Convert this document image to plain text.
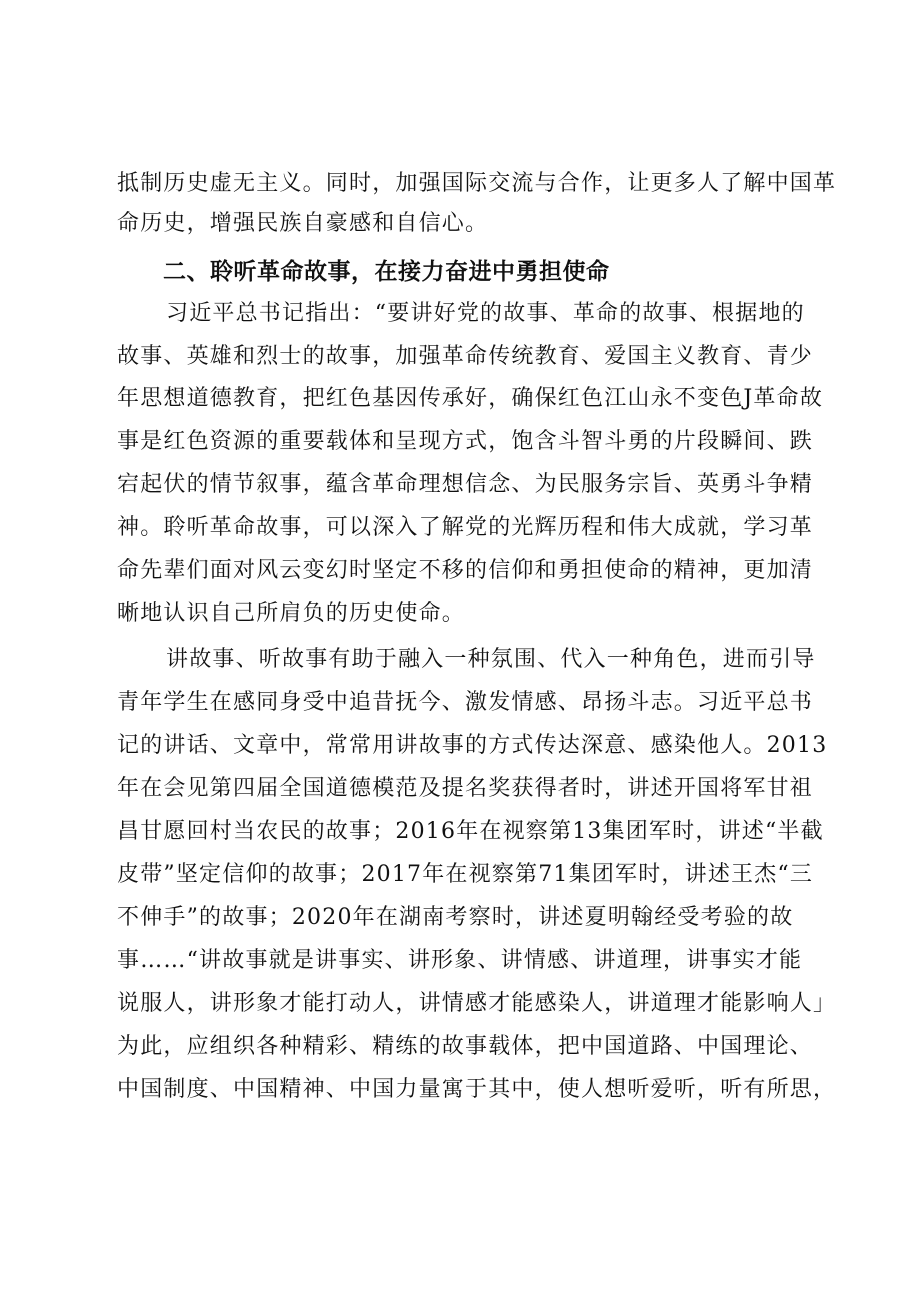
抵制历史虚无主义。同时，加强国际交流与合作，让更多人了解中国革
命历史，增强民族自豪感和自信心。
二、聆听革命故事，在接力奋进中勇担使命
习近平总书记指出：“要讲好党的故事、革命的故事、根据地的
故事、英雄和烈士的故事，加强革命传统教育、爱国主义教育、青少
年思想道德教育，把红色基因传承好，确保红色江山永不变色J革命故
事是红色资源的重要载体和呈现方式，饱含斗智斗勇的片段瞬间、跌
宕起伏的情节叙事，蕴含革命理想信念、为民服务宗旨、英勇斗争精
神。聆听革命故事，可以深入了解党的光辉历程和伟大成就，学习革
命先辈们面对风云变幻时坚定不移的信仰和勇担使命的精神，更加清
晰地认识自己所肩负的历史使命。
讲故事、听故事有助于融入一种氛围、代入一种角色，进而引导
青年学生在感同身受中追昔抚今、激发情感、昂扬斗志。习近平总书
记的讲话、文章中，常常用讲故事的方式传达深意、感染他人。2013
年在会见第四届全国道德模范及提名奖获得者时，讲述开国将军甘祖
昌甘愿回村当农民的故事；2016年在视察第13集团军时，讲述“半截
皮带”坚定信仰的故事；2017年在视察第71集团军时，讲述王杰“三
不伸手”的故事；2020年在湖南考察时，讲述夏明翰经受考验的故
事……“讲故事就是讲事实、讲形象、讲情感、讲道理，讲事实才能
说服人，讲形象才能打动人，讲情感才能感染人，讲道理才能影响人」
为此，应组织各种精彩、精练的故事载体，把中国道路、中国理论、
中国制度、中国精神、中国力量寓于其中，使人想听爱听，听有所思，
